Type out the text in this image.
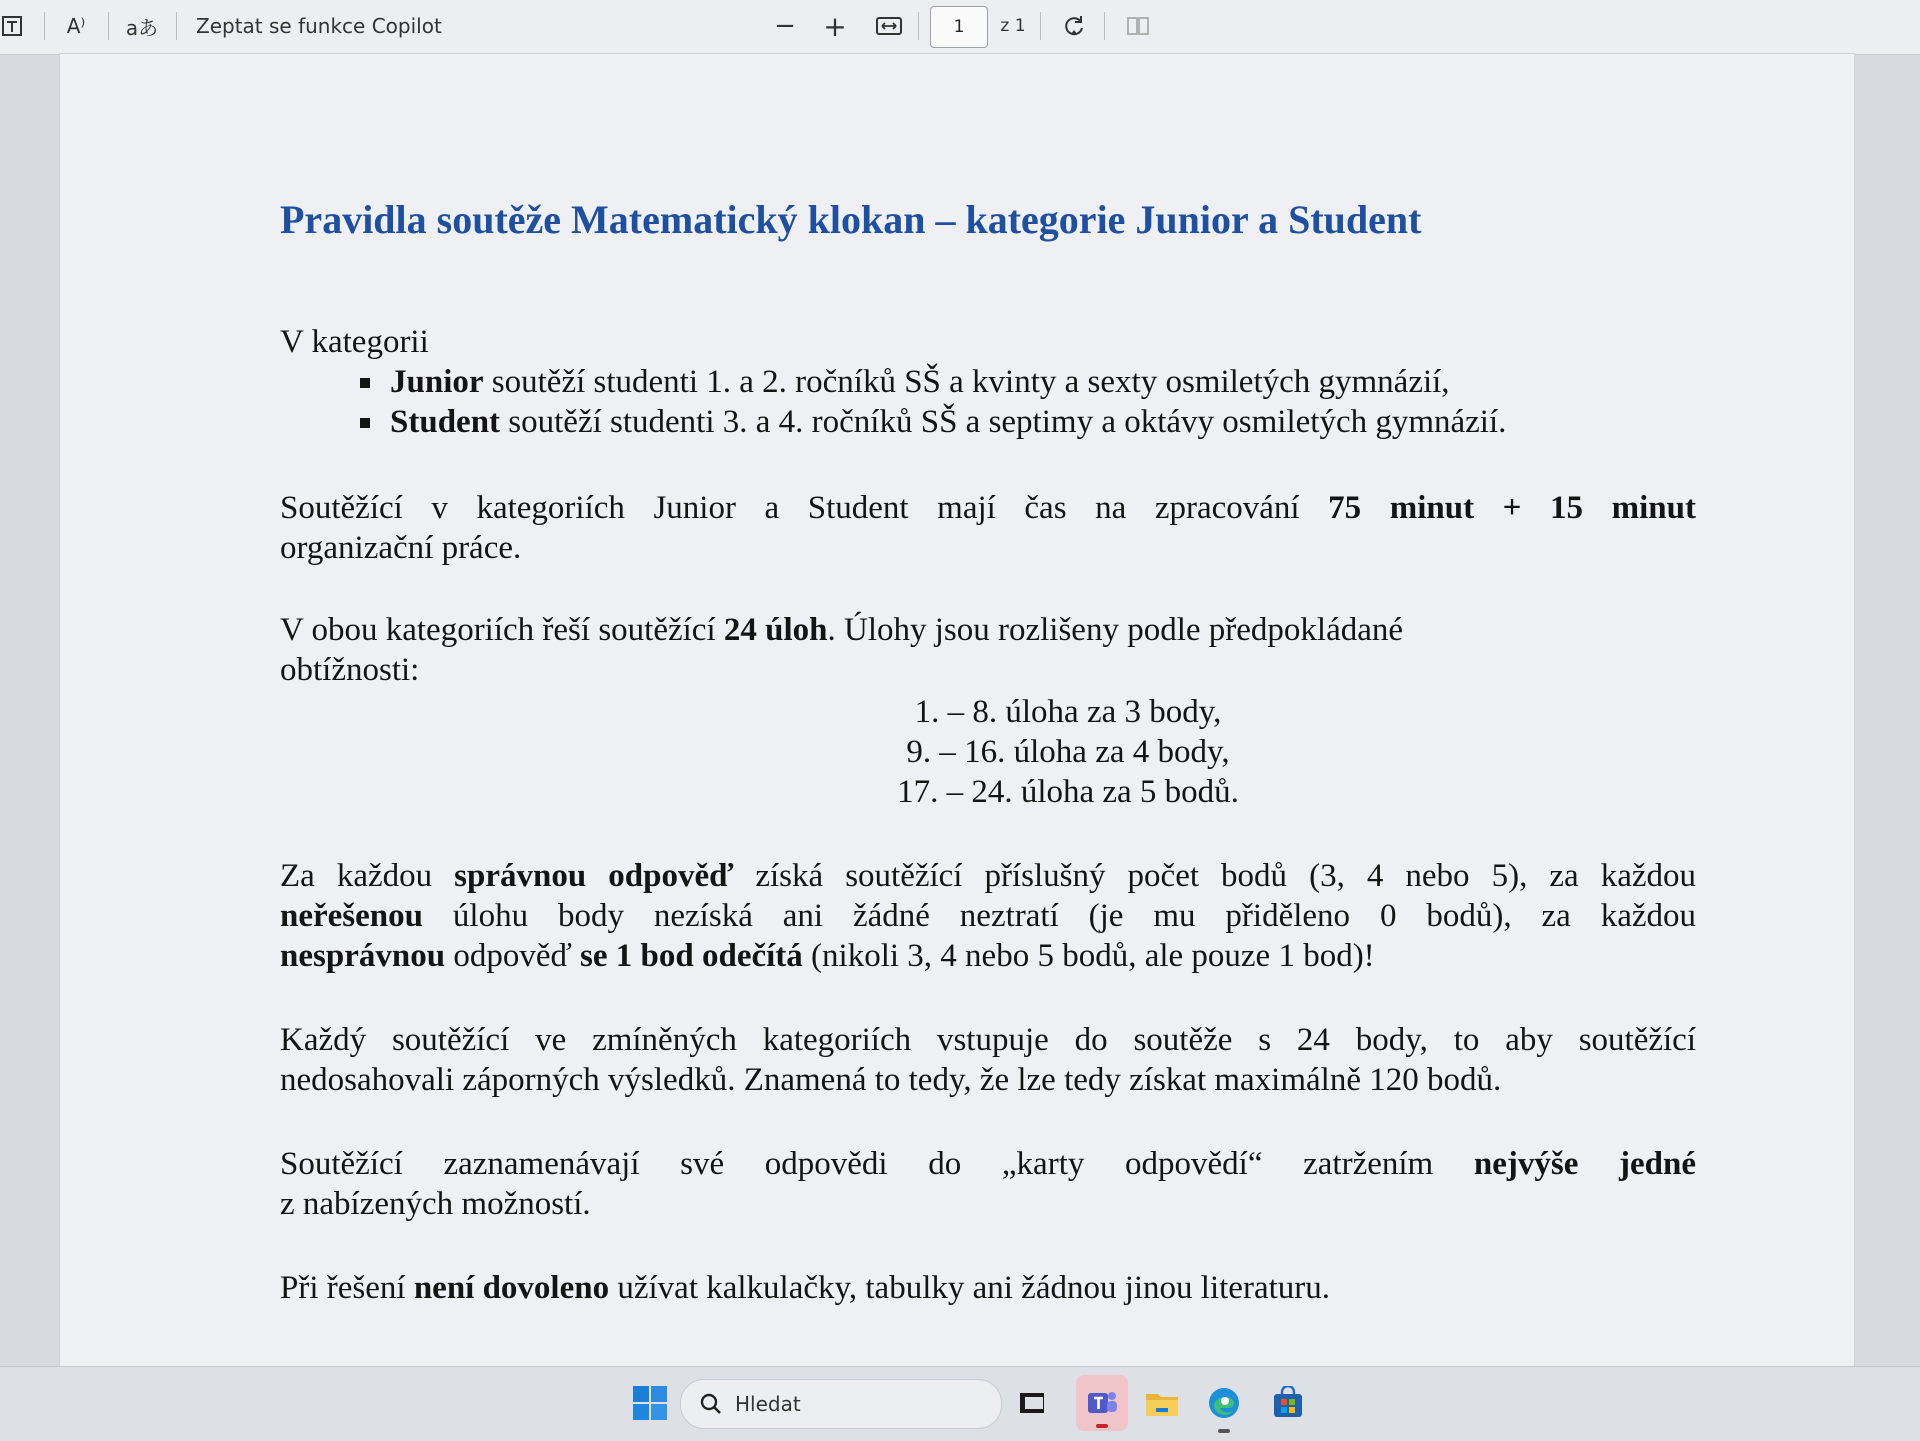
A⁾ aあ Zeptat se funkce Copilot	− +	1	z 1
Pravidla soutěže Matematický klokan – kategorie Junior a Student
V kategorii
Junior soutěží studenti 1. a 2. ročníků SŠ a kvinty a sexty osmiletých gymnázií,
Student soutěží studenti 3. a 4. ročníků SŠ a septimy a oktávy osmiletých gymnázií.
Soutěžící v kategoriích Junior a Student mají čas na zpracování 75 minut + 15 minut
organizační práce.
V obou kategoriích řeší soutěžící 24 úloh. Úlohy jsou rozlišeny podle předpokládané
obtížnosti:
1. – 8. úloha za 3 body,
9. – 16. úloha za 4 body,
17. – 24. úloha za 5 bodů.
Za každou správnou odpověď získá soutěžící příslušný počet bodů (3, 4 nebo 5), za každou
neřešenou úlohu body nezíská ani žádné neztratí (je mu přiděleno 0 bodů), za každou
nesprávnou odpověď se 1 bod odečítá (nikoli 3, 4 nebo 5 bodů, ale pouze 1 bod)!
Každý soutěžící ve zmíněných kategoriích vstupuje do soutěže s 24 body, to aby soutěžící
nedosahovali záporných výsledků. Znamená to tedy, že lze tedy získat maximálně 120 bodů.
Soutěžící zaznamenávají své odpovědi do „karty odpovědí“ zatržením nejvýše jedné
z nabízených možností.
Při řešení není dovoleno užívat kalkulačky, tabulky ani žádnou jinou literaturu.
Hledat
